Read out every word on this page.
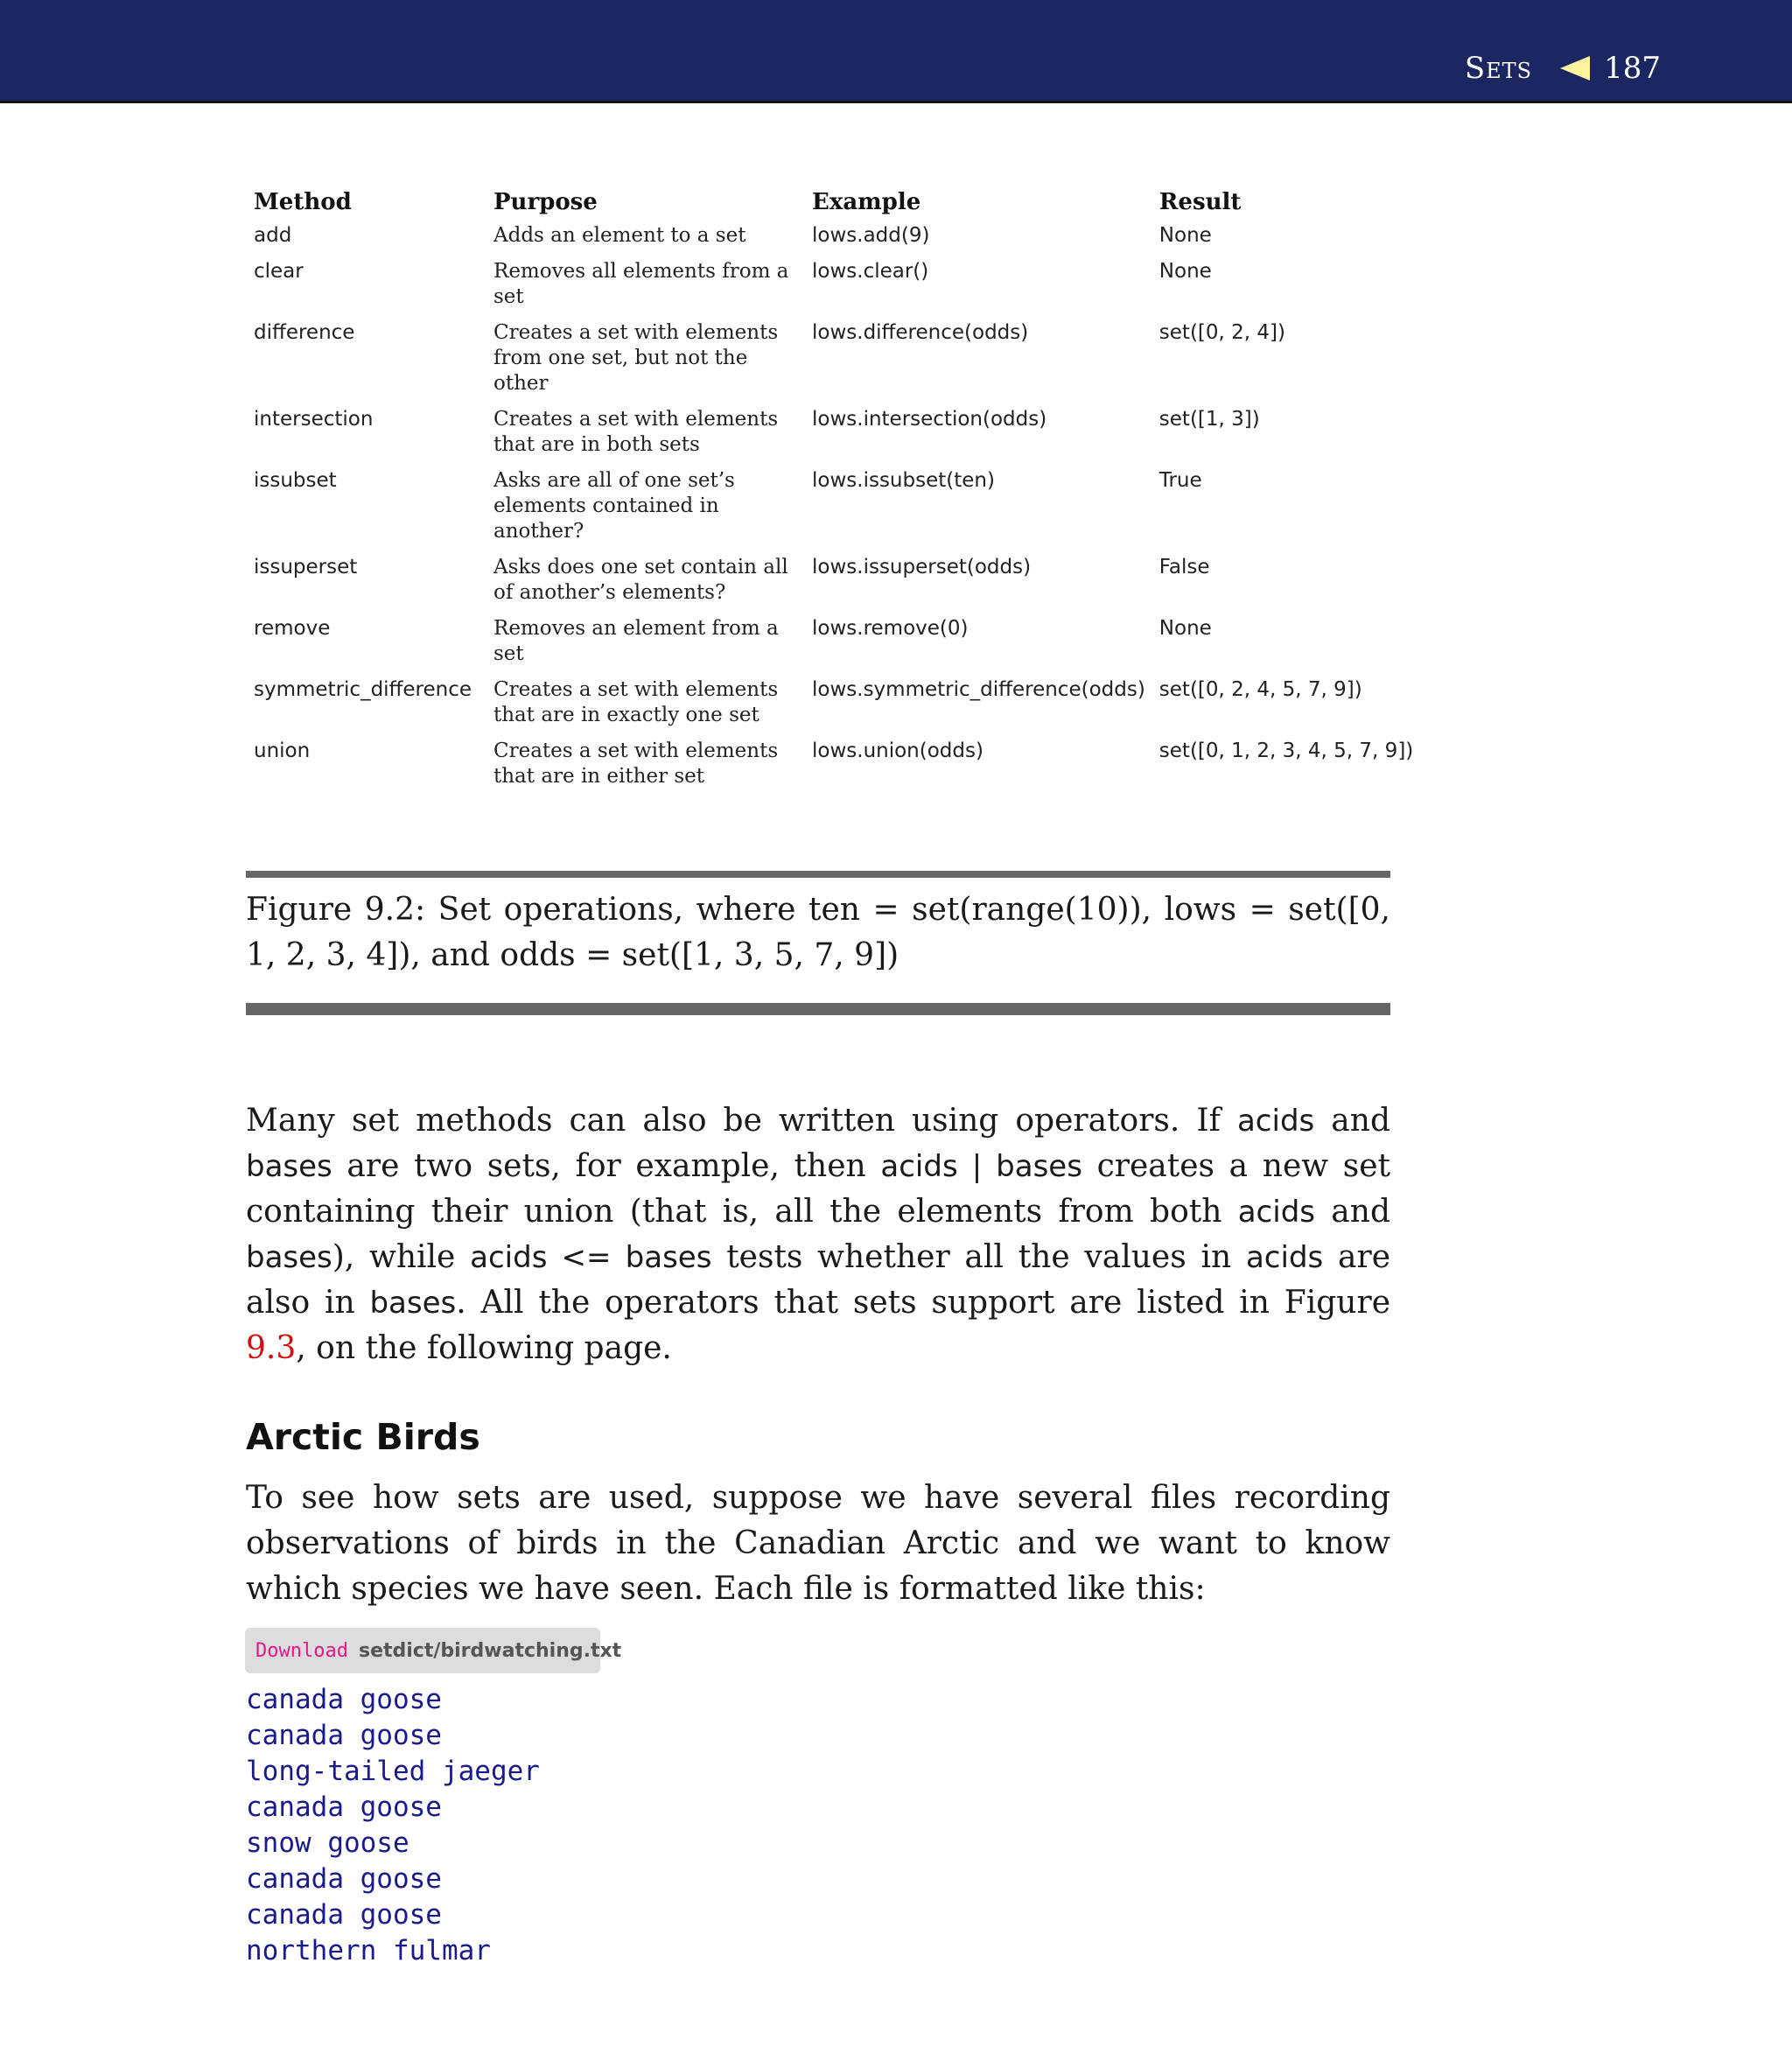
Sets 187
Method	Purpose	Example	Result
add	Adds an element to a set	lows.add(9)	None
clear	Removes all elements from a set	lows.clear()	None
difference	Creates a set with elements from one set, but not the other	lows.difference(odds)	set([0, 2, 4])
intersection	Creates a set with elements that are in both sets	lows.intersection(odds)	set([1, 3])
issubset	Asks are all of one set’s elements contained in another?	lows.issubset(ten)	True
issuperset	Asks does one set contain all of another’s elements?	lows.issuperset(odds)	False
remove	Removes an element from a set	lows.remove(0)	None
symmetric_difference	Creates a set with elements that are in exactly one set	lows.symmetric_difference(odds)	set([0, 2, 4, 5, 7, 9])
union	Creates a set with elements that are in either set	lows.union(odds)	set([0, 1, 2, 3, 4, 5, 7, 9])
Figure 9.2: Set operations, where ten = set(range(10)), lows = set([0, 1, 2, 3, 4]), and odds = set([1, 3, 5, 7, 9])

Many set methods can also be written using operators. If acids and bases are two sets, for example, then acids | bases creates a new set containing their union (that is, all the elements from both acids and bases), while acids <= bases tests whether all the values in acids are also in bases. All the operators that sets support are listed in Figure 9.3, on the following page.

Arctic Birds

To see how sets are used, suppose we have several files recording observations of birds in the Canadian Arctic and we want to know which species we have seen. Each file is formatted like this:

Download setdict/birdwatching.txt
canada goose
canada goose
long-tailed jaeger
canada goose
snow goose
canada goose
canada goose
northern fulmar
